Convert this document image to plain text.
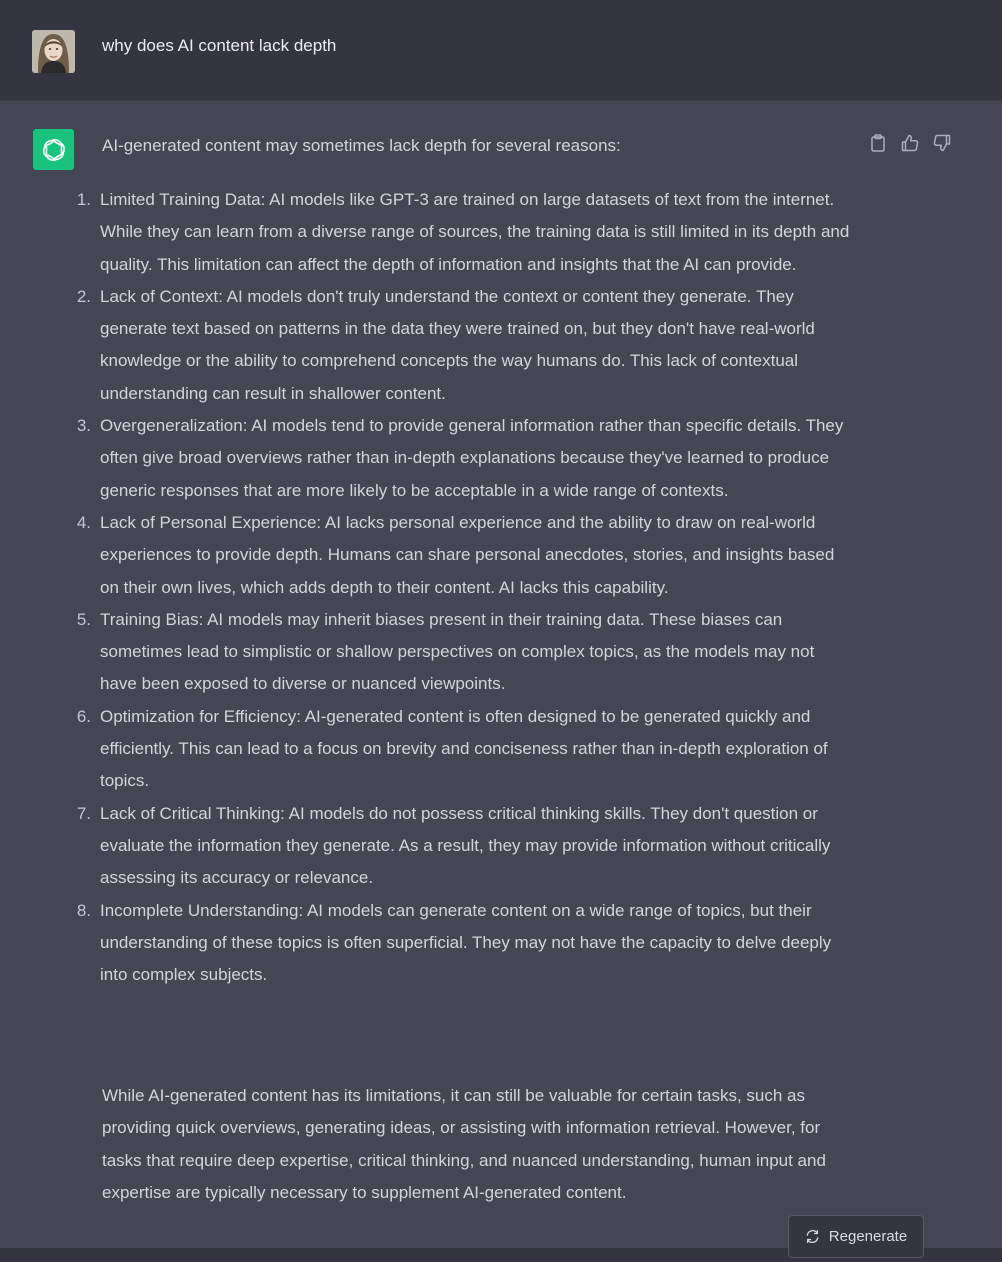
why does AI content lack depth
AI-generated content may sometimes lack depth for several reasons:
1. Limited Training Data: AI models like GPT-3 are trained on large datasets of text from the internet. While they can learn from a diverse range of sources, the training data is still limited in its depth and quality. This limitation can affect the depth of information and insights that the AI can provide.
2. Lack of Context: AI models don't truly understand the context or content they generate. They generate text based on patterns in the data they were trained on, but they don't have real-world knowledge or the ability to comprehend concepts the way humans do. This lack of contextual understanding can result in shallower content.
3. Overgeneralization: AI models tend to provide general information rather than specific details. They often give broad overviews rather than in-depth explanations because they've learned to produce generic responses that are more likely to be acceptable in a wide range of contexts.
4. Lack of Personal Experience: AI lacks personal experience and the ability to draw on real-world experiences to provide depth. Humans can share personal anecdotes, stories, and insights based on their own lives, which adds depth to their content. AI lacks this capability.
5. Training Bias: AI models may inherit biases present in their training data. These biases can sometimes lead to simplistic or shallow perspectives on complex topics, as the models may not have been exposed to diverse or nuanced viewpoints.
6. Optimization for Efficiency: AI-generated content is often designed to be generated quickly and efficiently. This can lead to a focus on brevity and conciseness rather than in-depth exploration of topics.
7. Lack of Critical Thinking: AI models do not possess critical thinking skills. They don't question or evaluate the information they generate. As a result, they may provide information without critically assessing its accuracy or relevance.
8. Incomplete Understanding: AI models can generate content on a wide range of topics, but their understanding of these topics is often superficial. They may not have the capacity to delve deeply into complex subjects.
While AI-generated content has its limitations, it can still be valuable for certain tasks, such as providing quick overviews, generating ideas, or assisting with information retrieval. However, for tasks that require deep expertise, critical thinking, and nuanced understanding, human input and expertise are typically necessary to supplement AI-generated content.
Regenerate
